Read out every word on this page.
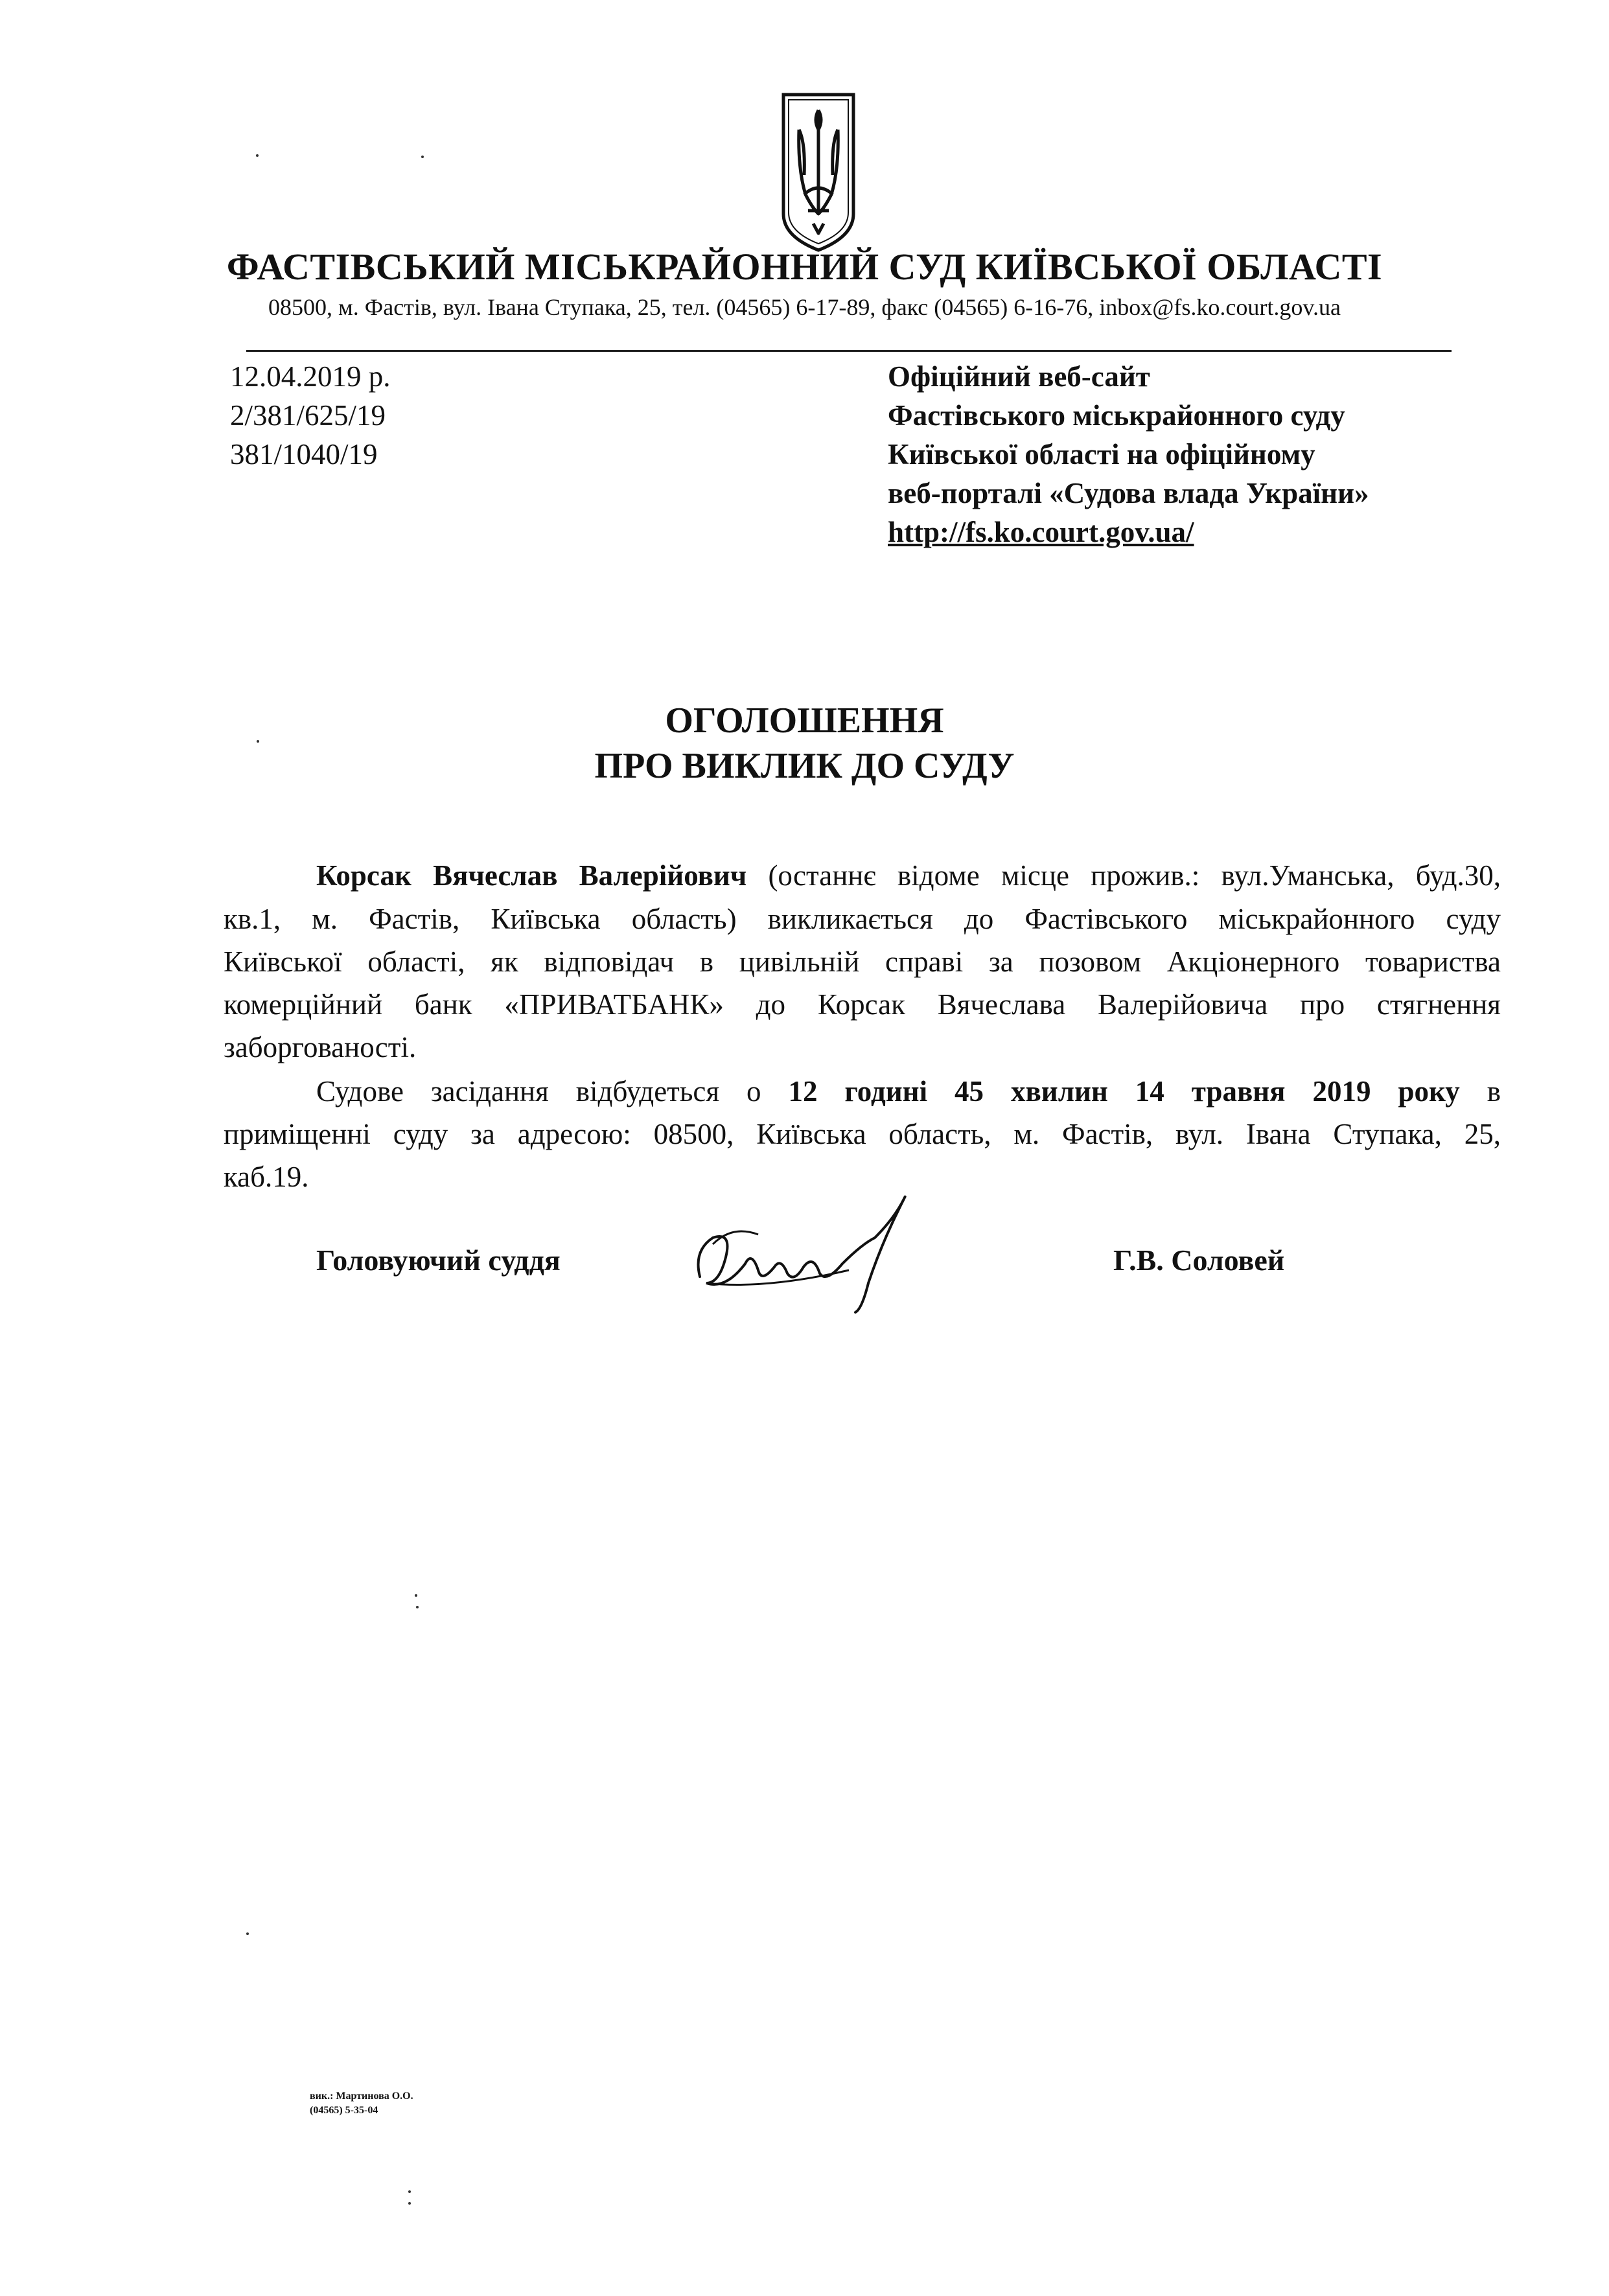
ФАСТІВСЬКИЙ МІСЬКРАЙОННИЙ СУД КИЇВСЬКОЇ ОБЛАСТІ
08500, м. Фастів, вул. Івана Ступака, 25, тел. (04565) 6-17-89, факс (04565) 6-16-76, inbox@fs.ko.court.gov.ua
12.04.2019 р.
2/381/625/19
381/1040/19
Офіційний веб-сайт
Фастівського міськрайонного суду
Київської області на офіційному
веб-порталі «Судова влада України»
http://fs.ko.court.gov.ua/
ОГОЛОШЕННЯ
ПРО ВИКЛИК ДО СУДУ
Корсак Вячеслав Валерійович (останнє відоме місце прожив.: вул.Уманська, буд.30,
кв.1, м. Фастів, Київська область) викликається до Фастівського міськрайонного суду
Київської області, як відповідач в цивільній справі за позовом Акціонерного товариства
комерційний банк «ПРИВАТБАНК» до Корсак Вячеслава Валерійовича про стягнення
заборгованості.
Судове засідання відбудеться о 12 годині 45 хвилин 14 травня 2019 року в
приміщенні суду за адресою: 08500, Київська область, м. Фастів, вул. Івана Ступака, 25,
каб.19.
Головуючий суддя	Г.В. Соловей
вик.: Мартинова О.О.
(04565) 5-35-04
